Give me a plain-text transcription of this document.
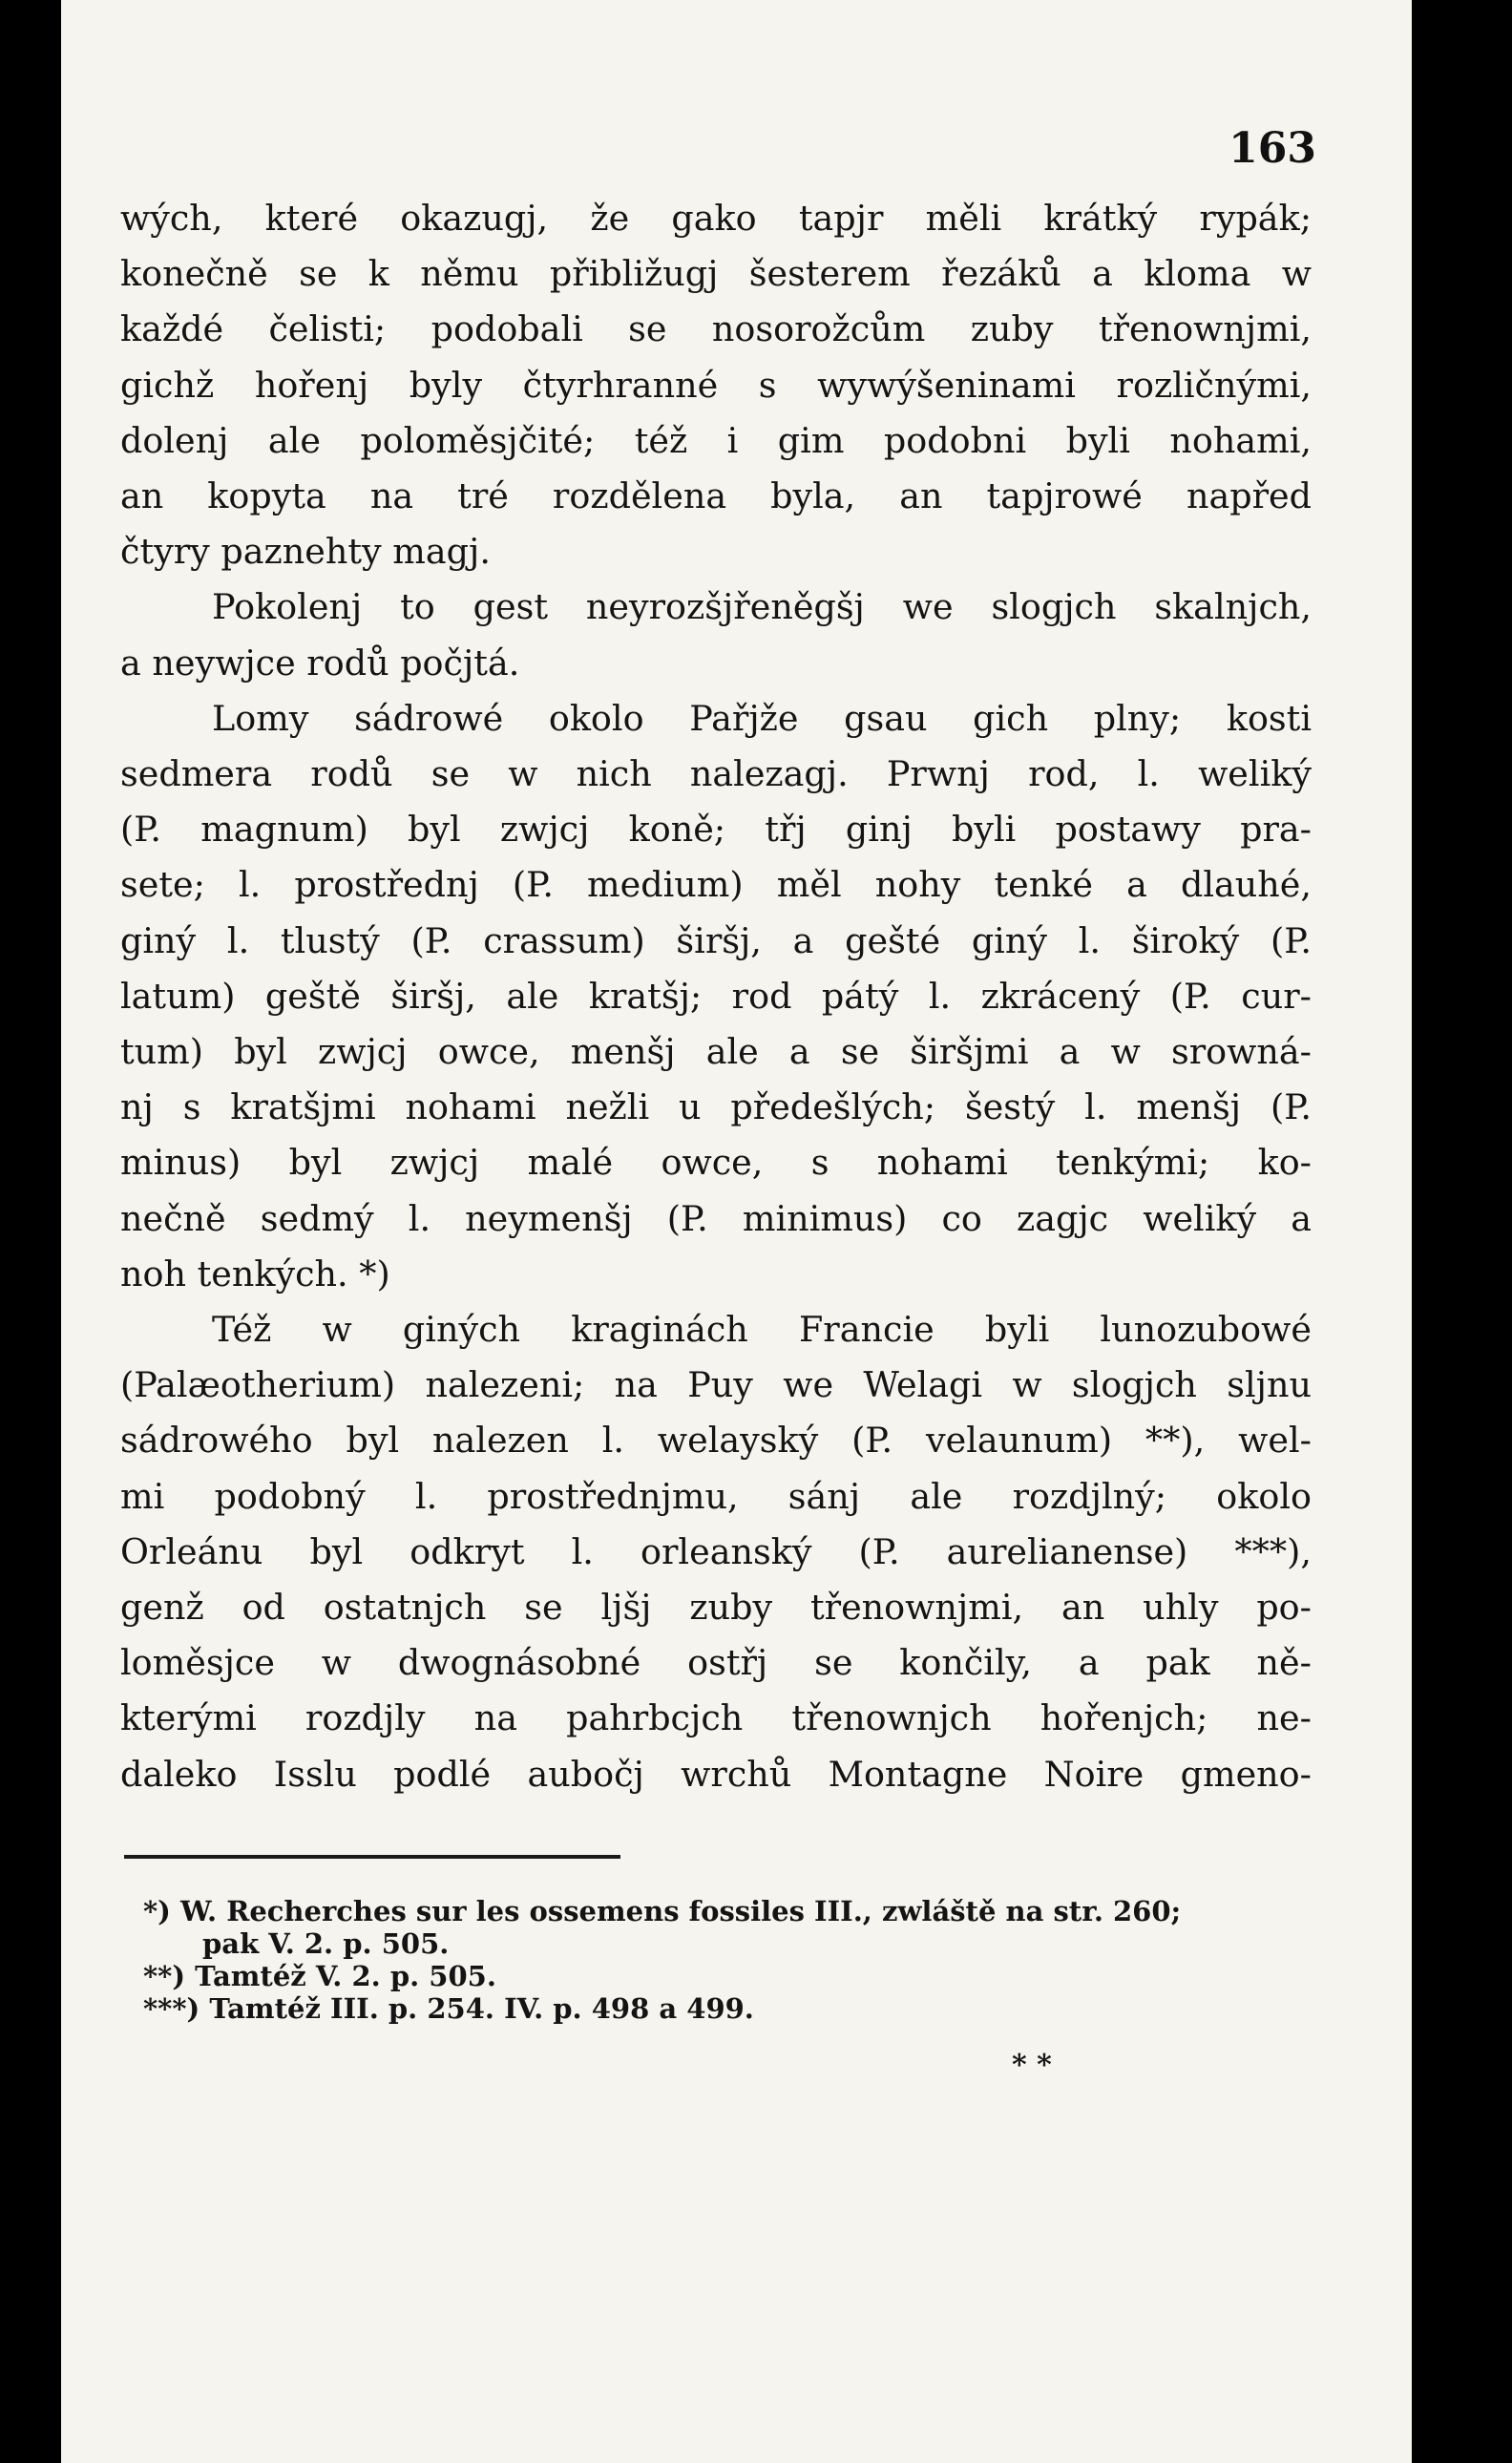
163
wých, které okazugj, že gako tapjr měli krátký rypák;
konečně se k němu přibližugj šesterem řezáků a kloma w
každé čelisti; podobali se nosorožcům zuby třenownjmi,
gichž hořenj byly čtyrhranné s wywýšeninami rozličnými,
dolenj ale poloměsjčité; též i gim podobni byli nohami,
an kopyta na tré rozdělena byla, an tapjrowé napřed
čtyry paznehty magj.
Pokolenj to gest neyrozšjřeněgšj we slogjch skalnjch,
a neywjce rodů počjtá.
Lomy sádrowé okolo Pařjže gsau gich plny; kosti
sedmera rodů se w nich nalezagj. Prwnj rod, l. weliký
(P. magnum) byl zwjcj koně; třj ginj byli postawy pra-
sete; l. prostřednj (P. medium) měl nohy tenké a dlauhé,
giný l. tlustý (P. crassum) širšj, a gešté giný l. široký (P.
latum) geště širšj, ale kratšj; rod pátý l. zkrácený (P. cur-
tum) byl zwjcj owce, menšj ale a se širšjmi a w srowná-
nj s kratšjmi nohami nežli u předešlých; šestý l. menšj (P.
minus) byl zwjcj malé owce, s nohami tenkými; ko-
nečně sedmý l. neymenšj (P. minimus) co zagjc weliký a
noh tenkých. *)
Též w giných kraginách Francie byli lunozubowé
(Palæotherium) nalezeni; na Puy we Welagi w slogjch slјnu
sádrowého byl nalezen l. welayský (P. velaunum) **), wel-
mi podobný l. prostřednjmu, sánj ale rozdjlný; okolo
Orleánu byl odkryt l. orleanský (P. aurelianense) ***),
genž od ostatnjch se ljšj zuby třenownjmi, an uhly po-
loměsjce w dwognásobné ostřj se končily, a pak ně-
kterými rozdjly na pahrbcjch třenownjch hořenjch; ne-
daleko Isslu podlé aubočj wrchů Montagne Noire gmeno-
*) W. Recherches sur les ossemens fossiles III., zwláště na str. 260;
pak V. 2. p. 505.
**) Tamtéž V. 2. p. 505.
***) Tamtéž III. p. 254. IV. p. 498 a 499.
* *
